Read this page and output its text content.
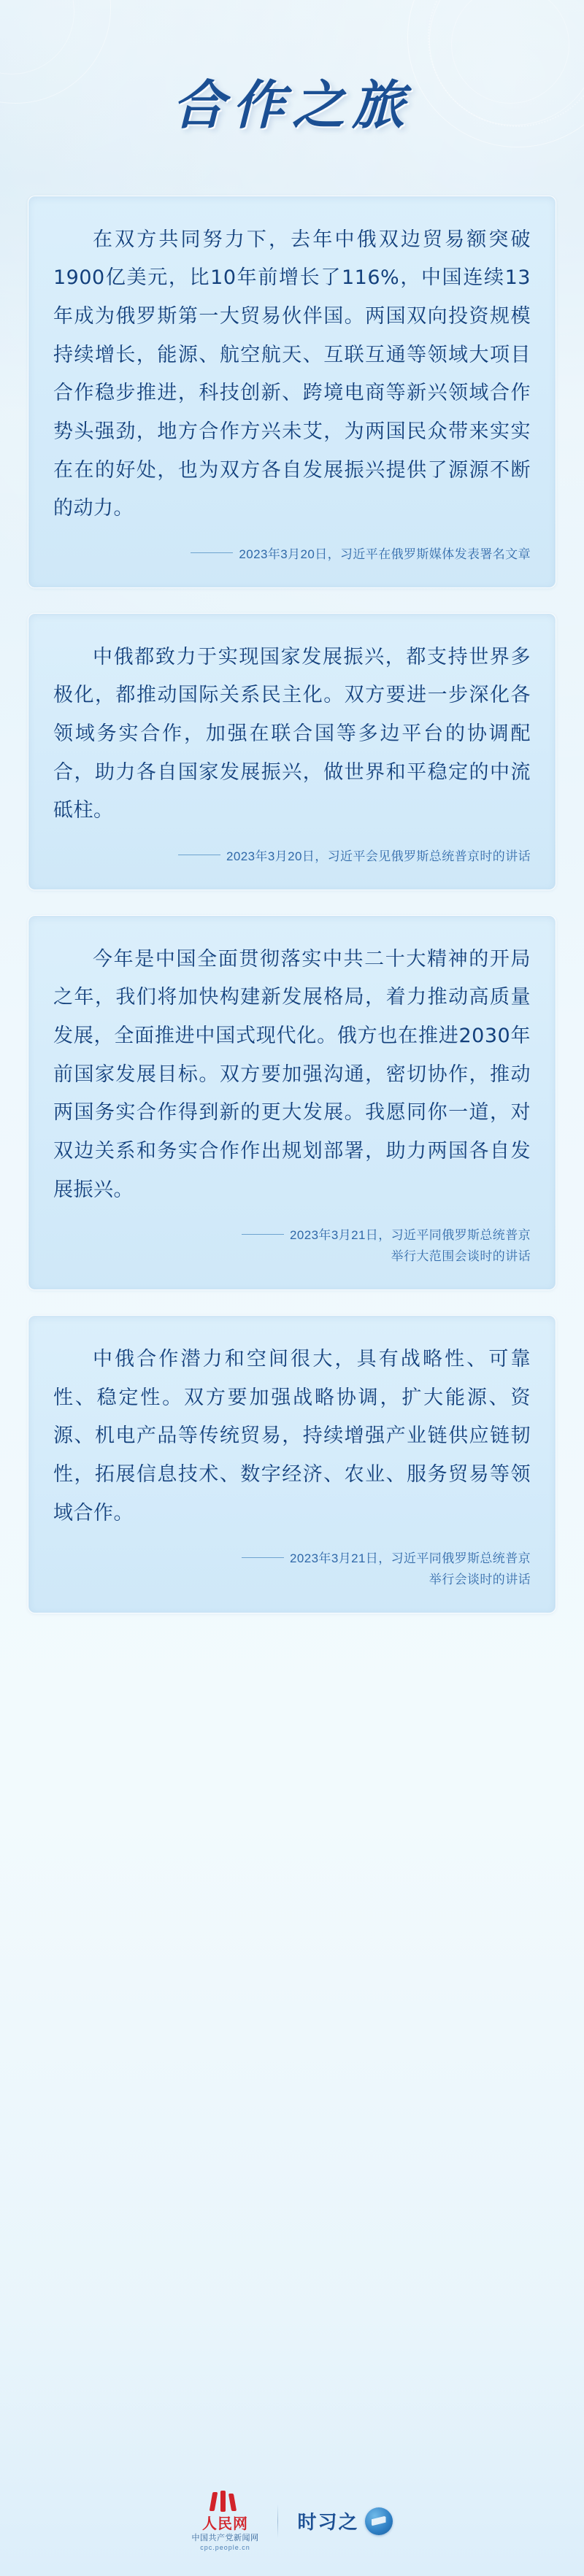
合作之旅
在双方共同努力下，去年中俄双边贸易额突破1900亿美元，比10年前增长了116%，中国连续13年成为俄罗斯第一大贸易伙伴国。两国双向投资规模持续增长，能源、航空航天、互联互通等领域大项目合作稳步推进，科技创新、跨境电商等新兴领域合作势头强劲，地方合作方兴未艾，为两国民众带来实实在在的好处，也为双方各自发展振兴提供了源源不断的动力。
2023年3月20日，习近平在俄罗斯媒体发表署名文章
中俄都致力于实现国家发展振兴，都支持世界多极化，都推动国际关系民主化。双方要进一步深化各领域务实合作，加强在联合国等多边平台的协调配合，助力各自国家发展振兴，做世界和平稳定的中流砥柱。
2023年3月20日，习近平会见俄罗斯总统普京时的讲话
今年是中国全面贯彻落实中共二十大精神的开局之年，我们将加快构建新发展格局，着力推动高质量发展，全面推进中国式现代化。俄方也在推进2030年前国家发展目标。双方要加强沟通，密切协作，推动两国务实合作得到新的更大发展。我愿同你一道，对双边关系和务实合作作出规划部署，助力两国各自发展振兴。
2023年3月21日，习近平同俄罗斯总统普京
举行大范围会谈时的讲话
中俄合作潜力和空间很大，具有战略性、可靠性、稳定性。双方要加强战略协调，扩大能源、资源、机电产品等传统贸易，持续增强产业链供应链韧性，拓展信息技术、数字经济、农业、服务贸易等领域合作。
2023年3月21日，习近平同俄罗斯总统普京
举行会谈时的讲话
人民网
中国共产党新闻网
cpc.people.cn
时习之
